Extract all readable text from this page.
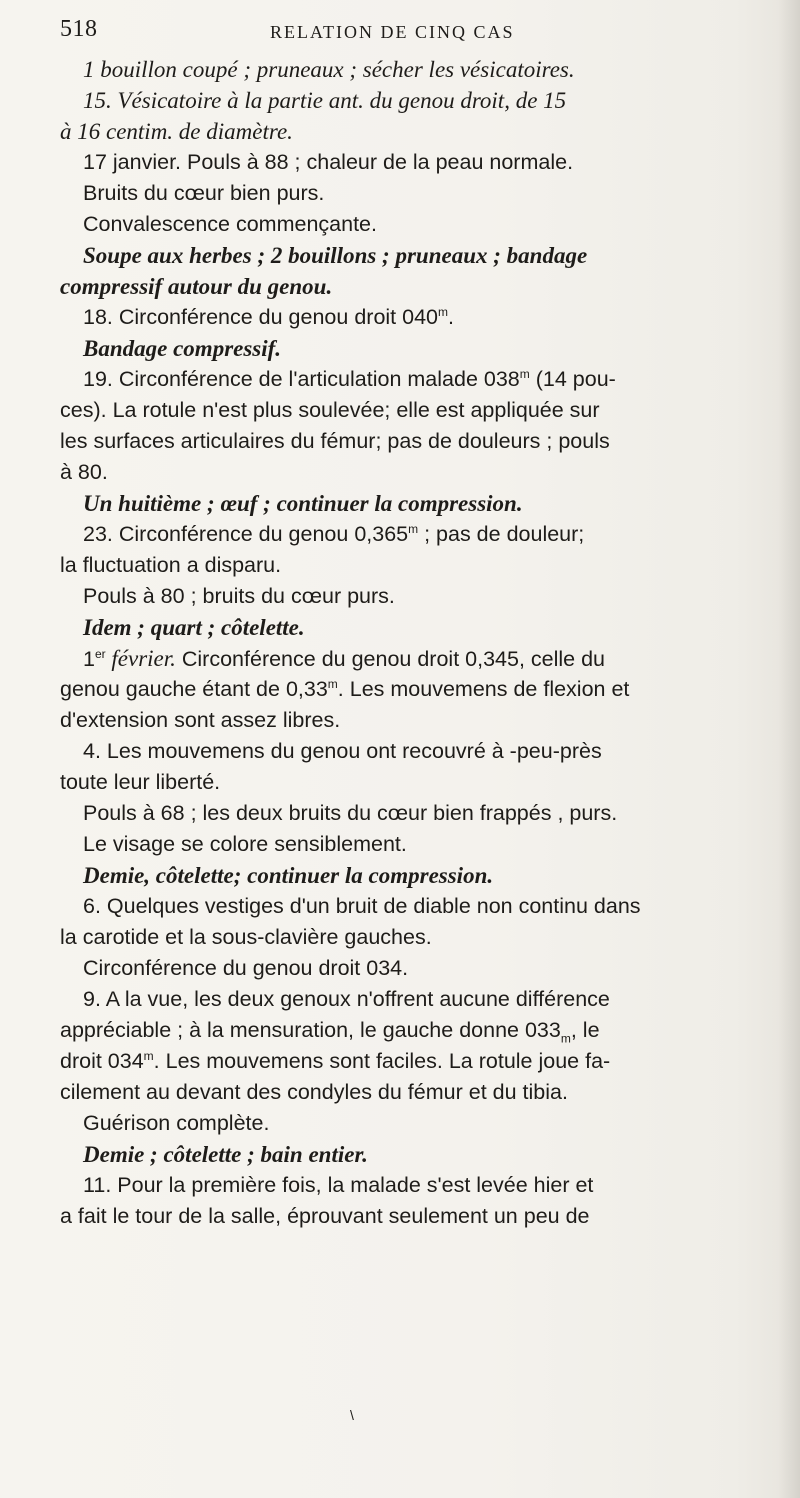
518	RELATION DE CINQ CAS
1 bouillon coupé ; pruneaux ; sécher les vésicatoires.
15. Vésicatoire à la partie ant. du genou droit, de 15
à 16 centim. de diamètre.
17 janvier. Pouls à 88 ; chaleur de la peau normale.
Bruits du cœur bien purs.
Convalescence commençante.
Soupe aux herbes ; 2 bouillons ; pruneaux ; bandage
compressif autour du genou.
18. Circonférence du genou droit 040$^m$.
Bandage compressif.
19. Circonférence de l'articulation malade 038$^m$ (14 pou-
ces). La rotule n'est plus soulevée; elle est appliquée sur
les surfaces articulaires du fémur; pas de douleurs ; pouls
à 80.
Un huitième ; œuf ; continuer la compression.
23. Circonférence du genou 0,365$^m$ ; pas de douleur;
la fluctuation a disparu.
Pouls à 80 ; bruits du cœur purs.
Idem ; quart ; côtelette.
1er février. Circonférence du genou droit 0,345, celle du
genou gauche étant de 0,33$^m$. Les mouvemens de flexion et
d'extension sont assez libres.
4. Les mouvemens du genou ont recouvré à -peu-près
toute leur liberté.
Pouls à 68 ; les deux bruits du cœur bien frappés , purs.
Le visage se colore sensiblement.
Demie, côtelette; continuer la compression.
6. Quelques vestiges d'un bruit de diable non continu dans
la carotide et la sous-clavière gauches.
Circonférence du genou droit 034.
9. A la vue, les deux genoux n'offrent aucune différence
appréciable ; à la mensuration, le gauche donne $033_m$, le
droit 034$^m$. Les mouvemens sont faciles. La rotule joue fa-
cilement au devant des condyles du fémur et du tibia.
Guérison complète.
Demie ; côtelette ; bain entier.
11. Pour la première fois, la malade s'est levée hier et
a fait le tour de la salle, éprouvant seulement un peu de
\
